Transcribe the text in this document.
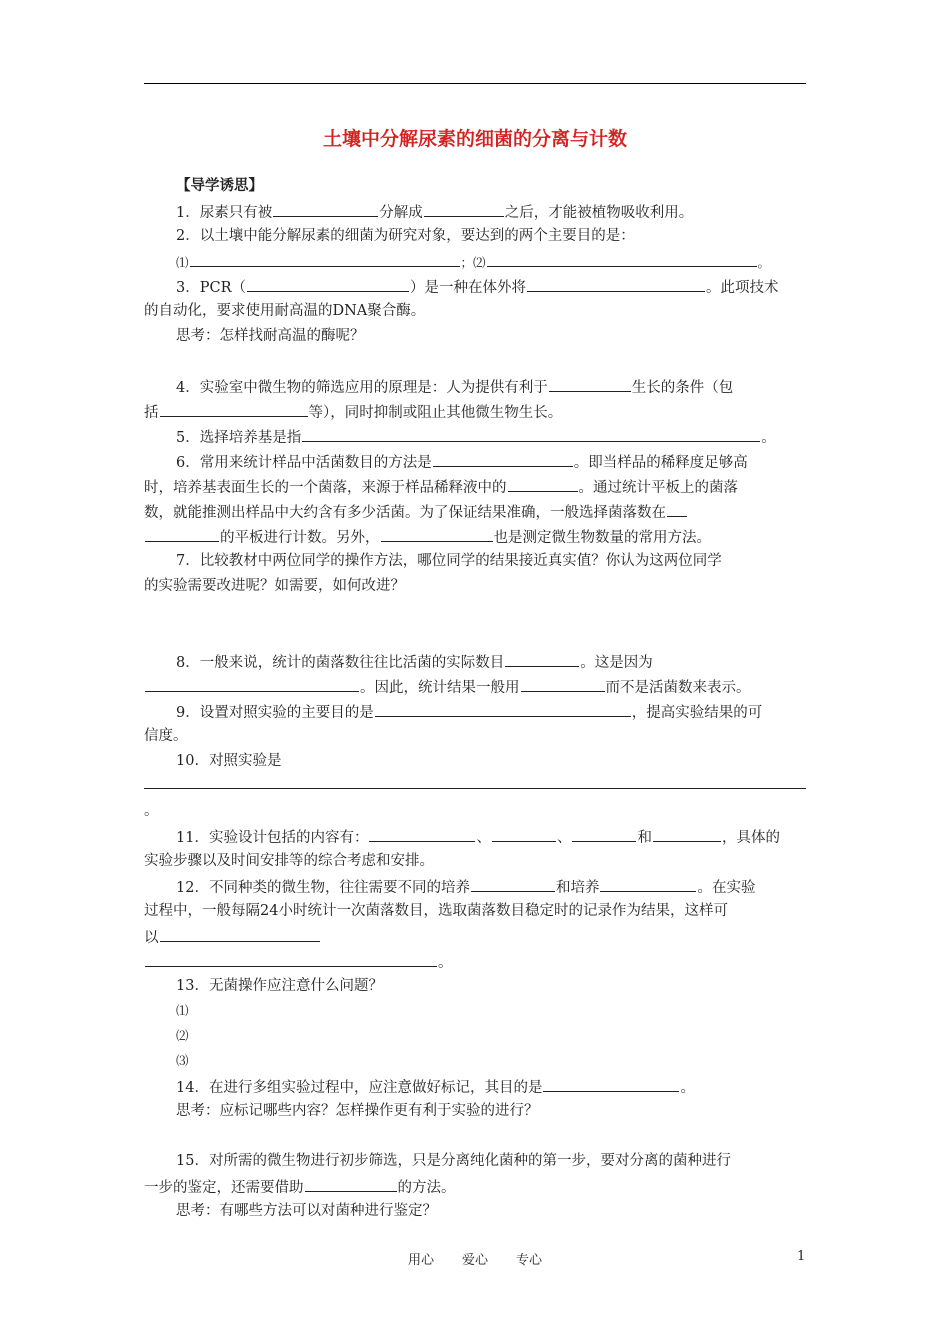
土壤中分解尿素的细菌的分离与计数
【导学诱思】
1．尿素只有被	分解成	之后，才能被植物吸收利用。
2．以土壤中能分解尿素的细菌为研究对象，要达到的两个主要目的是：
⑴	；⑵	。
3．PCR（	）是一种在体外将	。此项技术
的自动化，要求使用耐高温的DNA聚合酶。
思考：怎样找耐高温的酶呢？
4．实验室中微生物的筛选应用的原理是：人为提供有利于	生长的条件（包
括	等），同时抑制或阻止其他微生物生长。
5．选择培养基是指	。
6．常用来统计样品中活菌数目的方法是	。即当样品的稀释度足够高
时，培养基表面生长的一个菌落，来源于样品稀释液中的	。通过统计平板上的菌落
数，就能推测出样品中大约含有多少活菌。为了保证结果准确，一般选择菌落数在
的平板进行计数。另外，	也是测定微生物数量的常用方法。
7．比较教材中两位同学的操作方法，哪位同学的结果接近真实值？你认为这两位同学
的实验需要改进呢？如需要，如何改进？
8．一般来说，统计的菌落数往往比活菌的实际数目	。这是因为
。因此，统计结果一般用	而不是活菌数来表示。
9．设置对照实验的主要目的是	，提高实验结果的可
信度。
10．对照实验是
。
11．实验设计包括的内容有：	、	、	和	，具体的
实验步骤以及时间安排等的综合考虑和安排。
12．不同种类的微生物，往往需要不同的培养	和培养	。在实验
过程中，一般每隔24小时统计一次菌落数目，选取菌落数目稳定时的记录作为结果，这样可
以
。
13．无菌操作应注意什么问题？
⑴
⑵
⑶
14．在进行多组实验过程中，应注意做好标记，其目的是	。
思考：应标记哪些内容？怎样操作更有利于实验的进行？
15．对所需的微生物进行初步筛选，只是分离纯化菌种的第一步，要对分离的菌种进行
一步的鉴定，还需要借助	的方法。
思考：有哪些方法可以对菌种进行鉴定？
用心 爱心 专心	1
